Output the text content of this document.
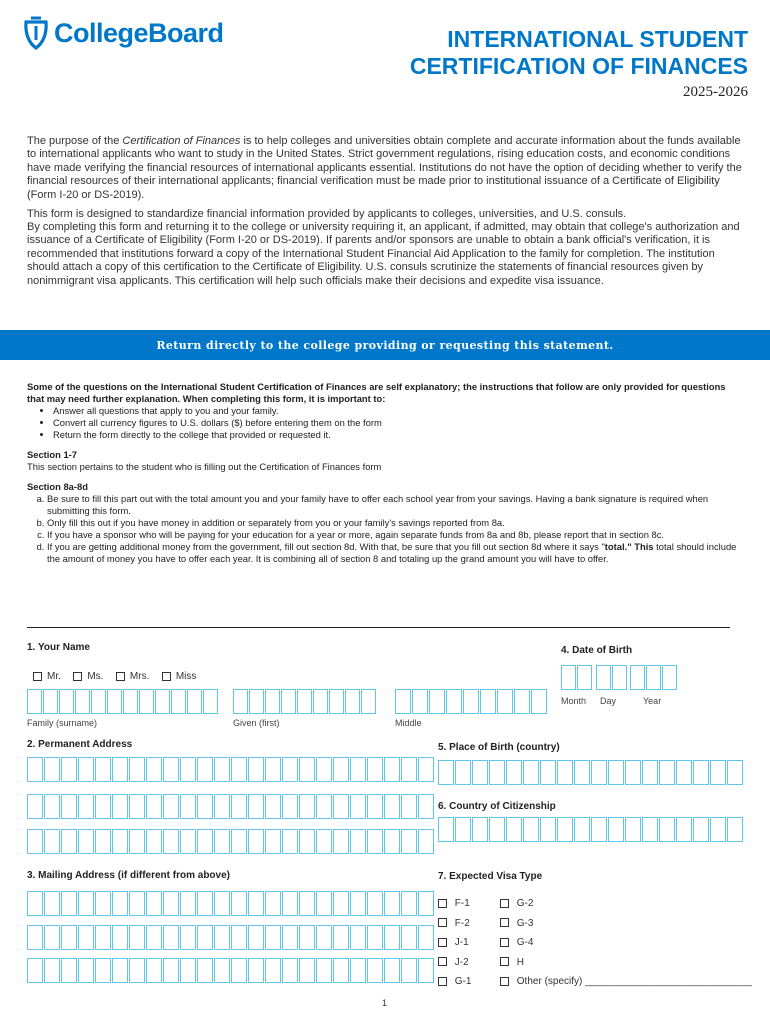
CollegeBoard	INTERNATIONAL STUDENT
CERTIFICATION OF FINANCES
2025-2026
The purpose of the Certification of Finances is to help colleges and universities obtain complete and accurate information about the funds available to international applicants who want to study in the United States. Strict government regulations, rising education costs, and economic conditions have made verifying the financial resources of international applicants essential. Institutions do not have the option of deciding whether to verify the financial resources of their international applicants; financial verification must be made prior to institutional issuance of a Certificate of Eligibility (Form I-20 or DS-2019).
This form is designed to standardize financial information provided by applicants to colleges, universities, and U.S. consuls.
By completing this form and returning it to the college or university requiring it, an applicant, if admitted, may obtain that college's authorization and issuance of a Certificate of Eligibility (Form I-20 or DS-2019). If parents and/or sponsors are unable to obtain a bank official's verification, it is recommended that institutions forward a copy of the International Student Financial Aid Application to the family for completion. The institution should attach a copy of this certification to the Certificate of Eligibility. U.S. consuls scrutinize the statements of financial resources given by nonimmigrant visa applicants. This certification will help such officials make their decisions and expedite visa issuance.
Return directly to the college providing or requesting this statement.
Some of the questions on the International Student Certification of Finances are self explanatory; the instructions that follow are only provided for questions that may need further explanation. When completing this form, it is important to:
• Answer all questions that apply to you and your family.
• Convert all currency figures to U.S. dollars ($) before entering them on the form
• Return the form directly to the college that provided or requested it.
Section 1-7
This section pertains to the student who is filling out the Certification of Finances form
Section 8a-8d
a. Be sure to fill this part out with the total amount you and your family have to offer each school year from your savings. Having a bank signature is required when submitting this form.
b. Only fill this out if you have money in addition or separately from you or your family's savings reported from 8a.
c. If you have a sponsor who will be paying for your education for a year or more, again separate funds from 8a and 8b, please report that in section 8c.
d. If you are getting additional money from the government, fill out section 8d. With that, be sure that you fill out section 8d where it says "total." This total should include the amount of money you have to offer each year. It is combining all of section 8 and totaling up the grand amount you will have to offer.
1. Your Name
Mr.	Ms.	Mrs.	Miss
Family (surname)	Given (first)	Middle
4. Date of Birth
Month Day	Year
2. Permanent Address	5. Place of Birth (country)
6. Country of Citizenship
3. Mailing Address (if different from above)	7. Expected Visa Type
F-1
F-2
J-1
J-2
G-1
G-2
G-3
G-4
H
Other (specify) ______________________________
1
